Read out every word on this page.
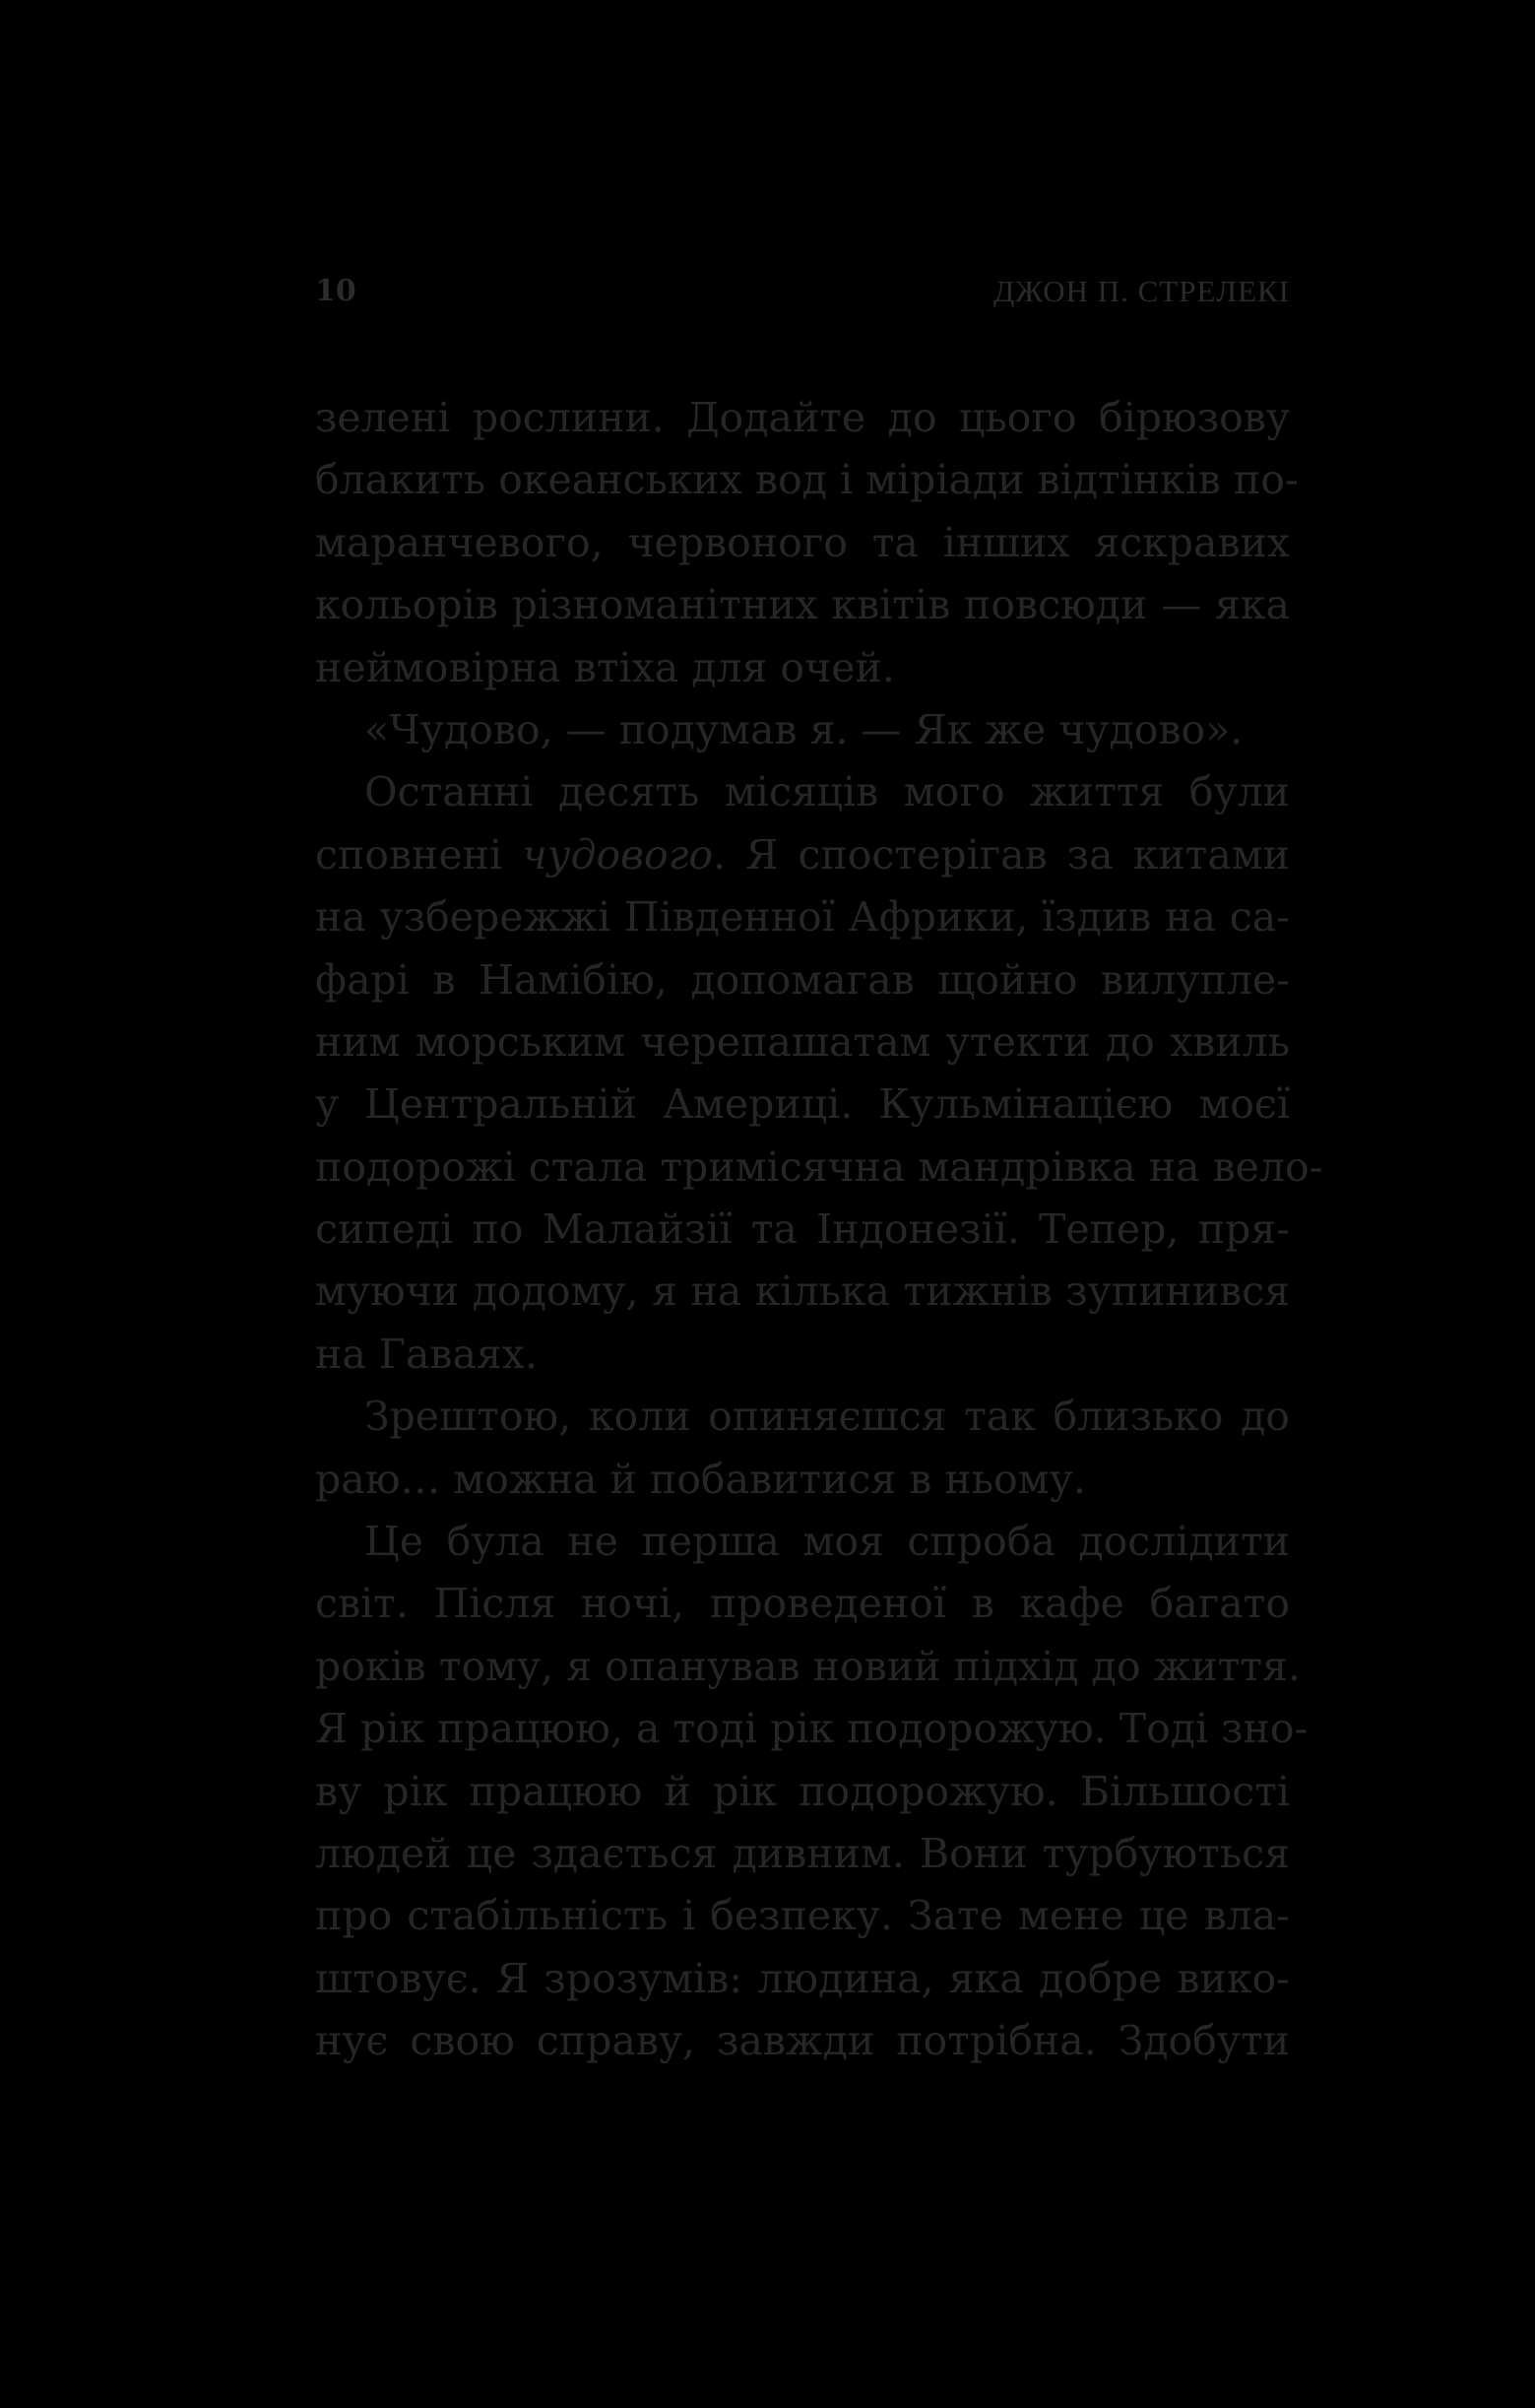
10	ДЖОН П. СТРЕЛЕКІ
зелені рослини. Додайте до цього бірюзову
блакить океанських вод і міріади відтінків по-
маранчевого, червоного та інших яскравих
кольорів різноманітних квітів повсюди — яка
неймовірна втіха для очей.
«Чудово, — подумав я. — Як же чудово».
Останні десять місяців мого життя були
сповнені чудового. Я спостерігав за китами
на узбережжі Південної Африки, їздив на са-
фарі в Намібію, допомагав щойно вилупле-
ним морським черепашатам утекти до хвиль
у Центральній Америці. Кульмінацією моєї
подорожі стала тримісячна мандрівка на вело-
сипеді по Малайзії та Індонезії. Тепер, пря-
муючи додому, я на кілька тижнів зупинився
на Гаваях.
Зрештою, коли опиняєшся так близько до
раю… можна й побавитися в ньому.
Це була не перша моя спроба дослідити
світ. Після ночі, проведеної в кафе багато
років тому, я опанував новий підхід до життя.
Я рік працюю, а тоді рік подорожую. Тоді зно-
ву рік працюю й рік подорожую. Більшості
людей це здається дивним. Вони турбуються
про стабільність і безпеку. Зате мене це вла-
штовує. Я зрозумів: людина, яка добре вико-
нує свою справу, завжди потрібна. Здобути
